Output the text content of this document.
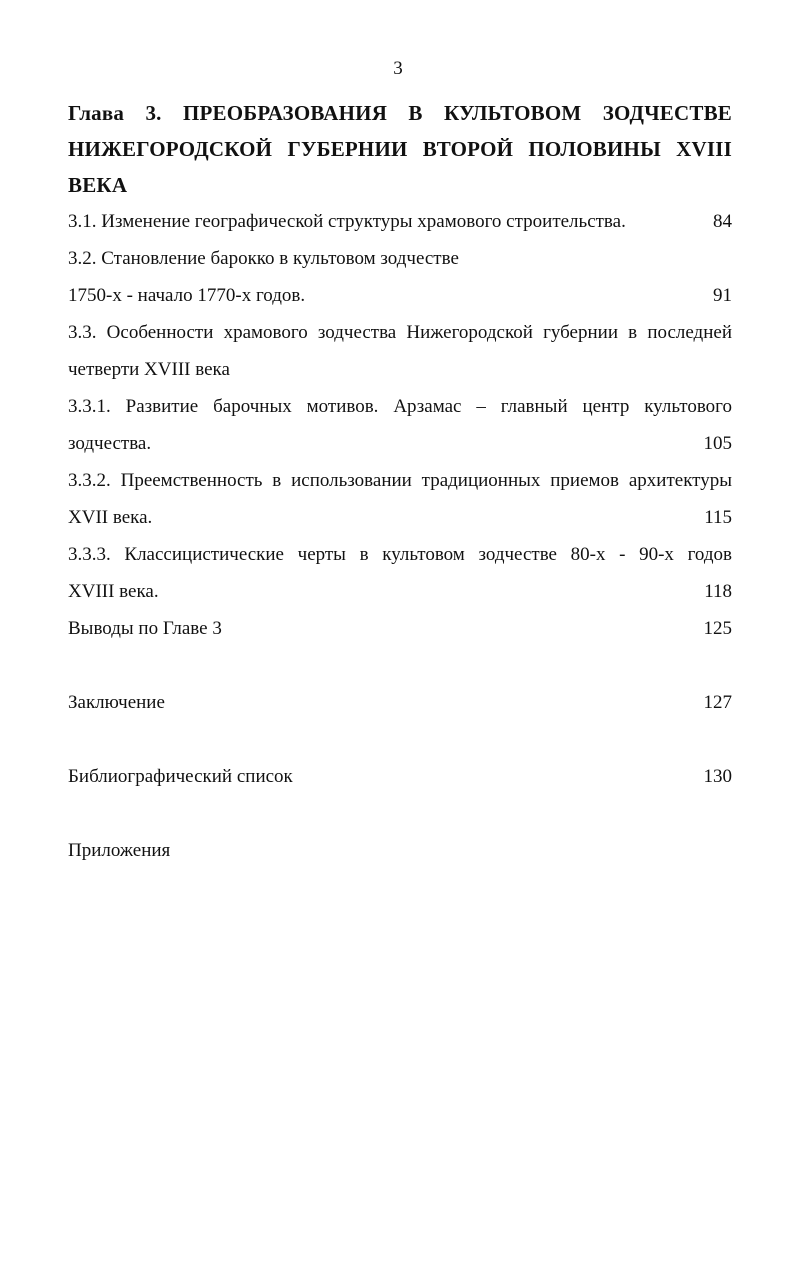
3
Глава 3. ПРЕОБРАЗОВАНИЯ В КУЛЬТОВОМ ЗОДЧЕСТВЕ
НИЖЕГОРОДСКОЙ ГУБЕРНИИ ВТОРОЙ ПОЛОВИНЫ XVIII ВЕКА
3.1. Изменение географической структуры храмового строительства.	84
3.2. Становление барокко в культовом зодчестве
1750-х - начало 1770-х годов.	91
3.3. Особенности храмового зодчества Нижегородской губернии в последней
четверти XVIII века
3.3.1. Развитие барочных мотивов. Арзамас – главный центр культового
зодчества.	105
3.3.2. Преемственность в использовании традиционных приемов архитектуры
XVII века.	115
3.3.3. Классицистические черты в культовом зодчестве 80-х - 90-х годов
XVIII века.	118
Выводы по Главе 3	125
Заключение	127
Библиографический список	130
Приложения
